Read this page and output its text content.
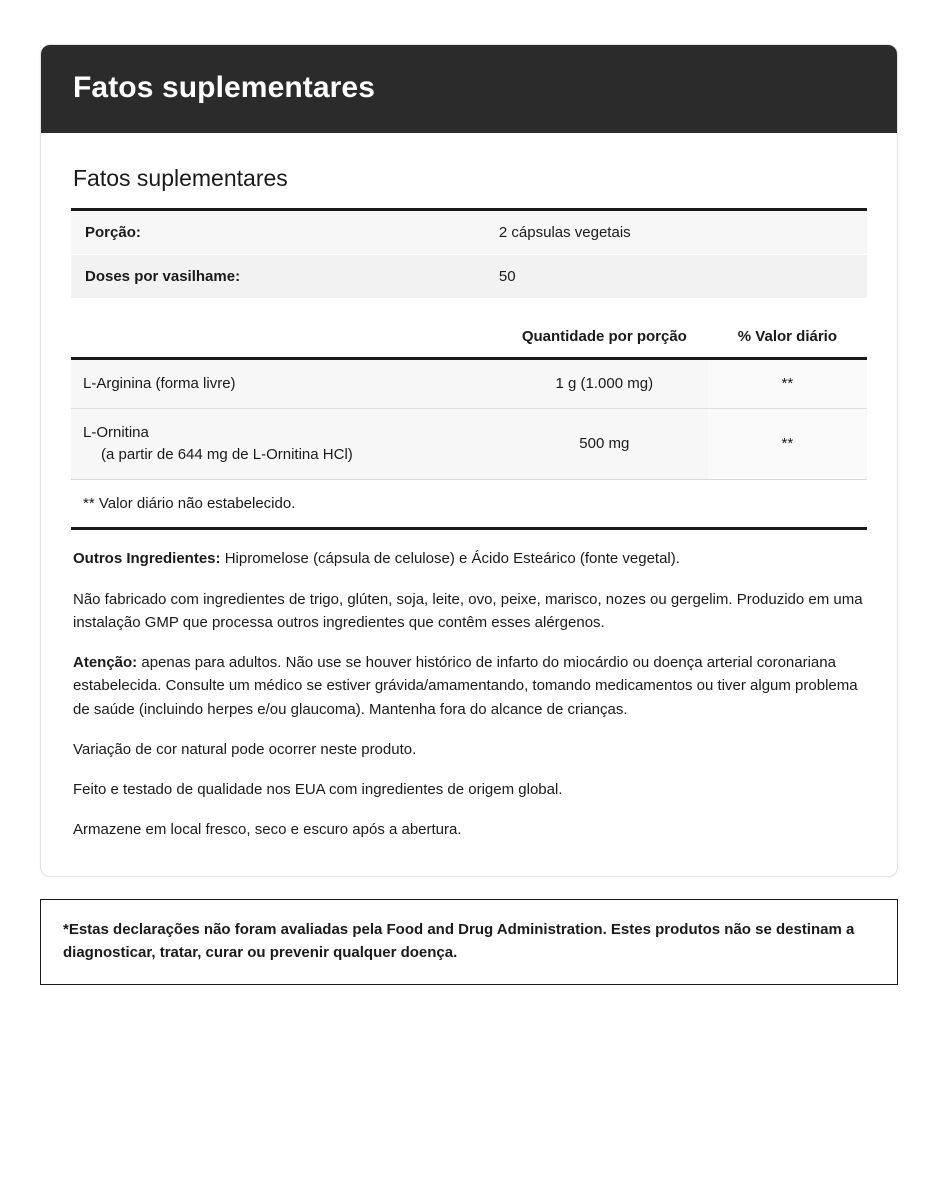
Fatos suplementares
Fatos suplementares
Porção:	2 cápsulas vegetais
Doses por vasilhame:	50
	Quantidade por porção	% Valor diário
L-Arginina (forma livre)	1 g (1.000 mg)	**
L-Ornitina
(a partir de 644 mg de L-Ornitina HCl)	500 mg	**
** Valor diário não estabelecido.		

Outros Ingredientes: Hipromelose (cápsula de celulose) e Ácido Esteárico (fonte vegetal).

Não fabricado com ingredientes de trigo, glúten, soja, leite, ovo, peixe, marisco, nozes ou gergelim. Produzido em uma instalação GMP que processa outros ingredientes que contêm esses alérgenos.

Atenção: apenas para adultos. Não use se houver histórico de infarto do miocárdio ou doença arterial coronariana estabelecida. Consulte um médico se estiver grávida/amamentando, tomando medicamentos ou tiver algum problema de saúde (incluindo herpes e/ou glaucoma). Mantenha fora do alcance de crianças.

Variação de cor natural pode ocorrer neste produto.

Feito e testado de qualidade nos EUA com ingredientes de origem global.

Armazene em local fresco, seco e escuro após a abertura.

*Estas declarações não foram avaliadas pela Food and Drug Administration. Estes produtos não se destinam a diagnosticar, tratar, curar ou prevenir qualquer doença.
